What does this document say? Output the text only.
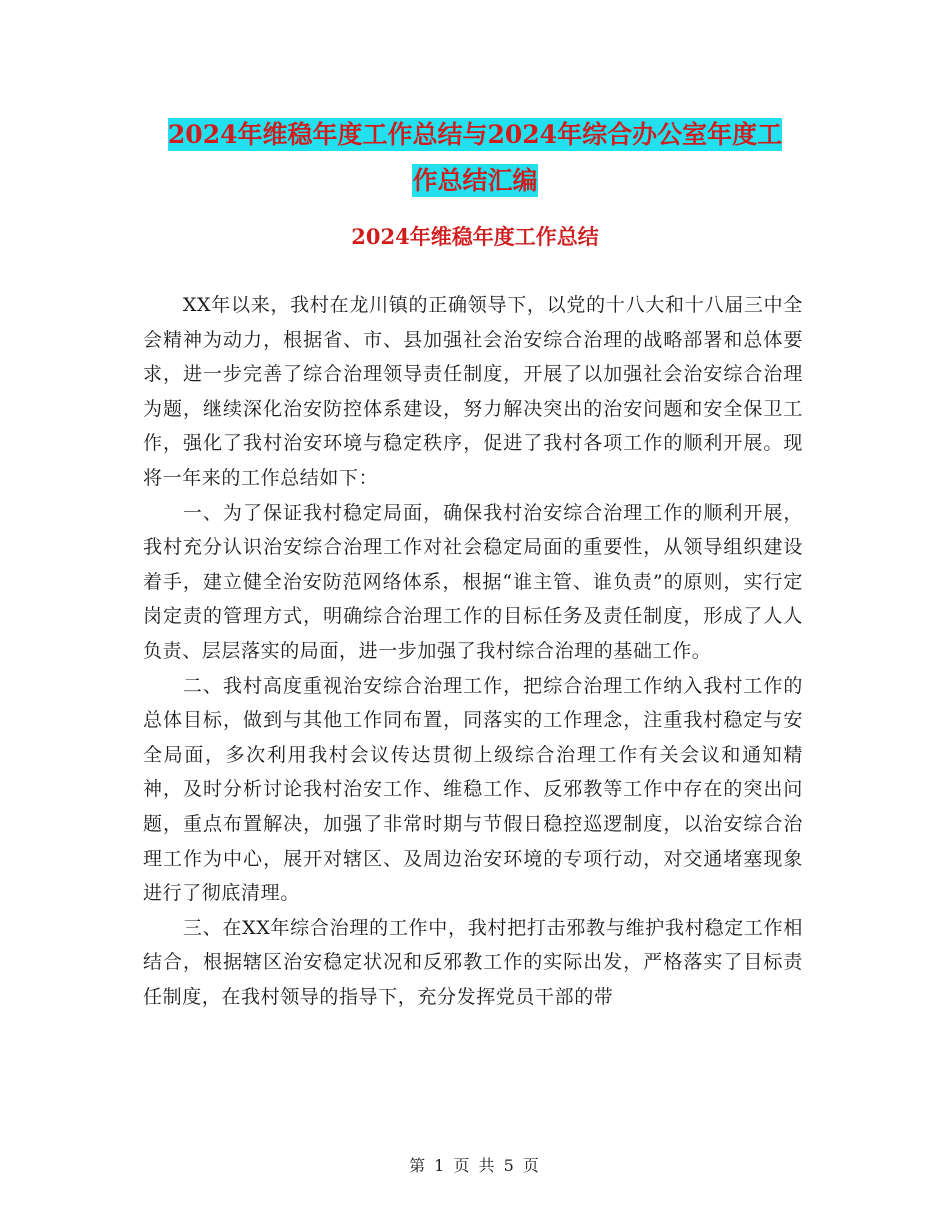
2024年维稳年度工作总结与2024年综合办公室年度工
作总结汇编
2024年维稳年度工作总结

XX年以来，我村在龙川镇的正确领导下，以党的十八大和十八届三中全会精神为动力，根据省、市、县加强社会治安综合治理的战略部署和总体要求，进一步完善了综合治理领导责任制度，开展了以加强社会治安综合治理为题，继续深化治安防控体系建设，努力解决突出的治安问题和安全保卫工作，强化了我村治安环境与稳定秩序，促进了我村各项工作的顺利开展。现将一年来的工作总结如下：

一、为了保证我村稳定局面，确保我村治安综合治理工作的顺利开展，我村充分认识治安综合治理工作对社会稳定局面的重要性，从领导组织建设着手，建立健全治安防范网络体系，根据“谁主管、谁负责”的原则，实行定岗定责的管理方式，明确综合治理工作的目标任务及责任制度，形成了人人负责、层层落实的局面，进一步加强了我村综合治理的基础工作。

二、我村高度重视治安综合治理工作，把综合治理工作纳入我村工作的总体目标，做到与其他工作同布置，同落实的工作理念，注重我村稳定与安全局面，多次利用我村会议传达贯彻上级综合治理工作有关会议和通知精神，及时分析讨论我村治安工作、维稳工作、反邪教等工作中存在的突出问题，重点布置解决，加强了非常时期与节假日稳控巡逻制度，以治安综合治理工作为中心，展开对辖区、及周边治安环境的专项行动，对交通堵塞现象进行了彻底清理。

三、在XX年综合治理的工作中，我村把打击邪教与维护我村稳定工作相结合，根据辖区治安稳定状况和反邪教工作的实际出发，严格落实了目标责任制度，在我村领导的指导下，充分发挥党员干部的带

第 1 页 共 5 页
